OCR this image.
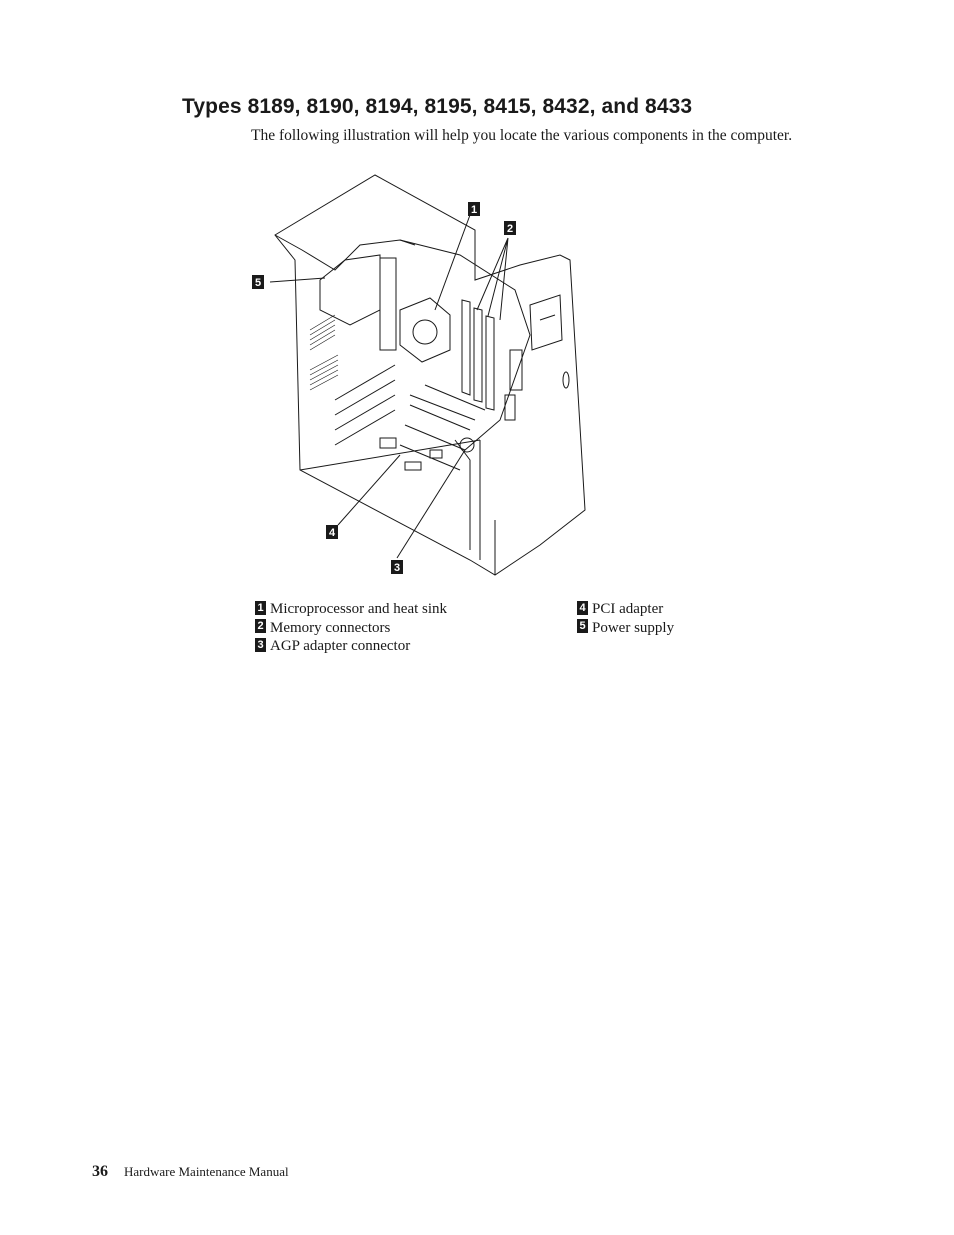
Types 8189, 8190, 8194, 8195, 8415, 8432, and 8433

The following illustration will help you locate the various components in the computer.

1
2
3
4
5
1 Microprocessor and heat sink
2 Memory connectors
3 AGP adapter connector
4 PCI adapter
5 Power supply
36 Hardware Maintenance Manual
